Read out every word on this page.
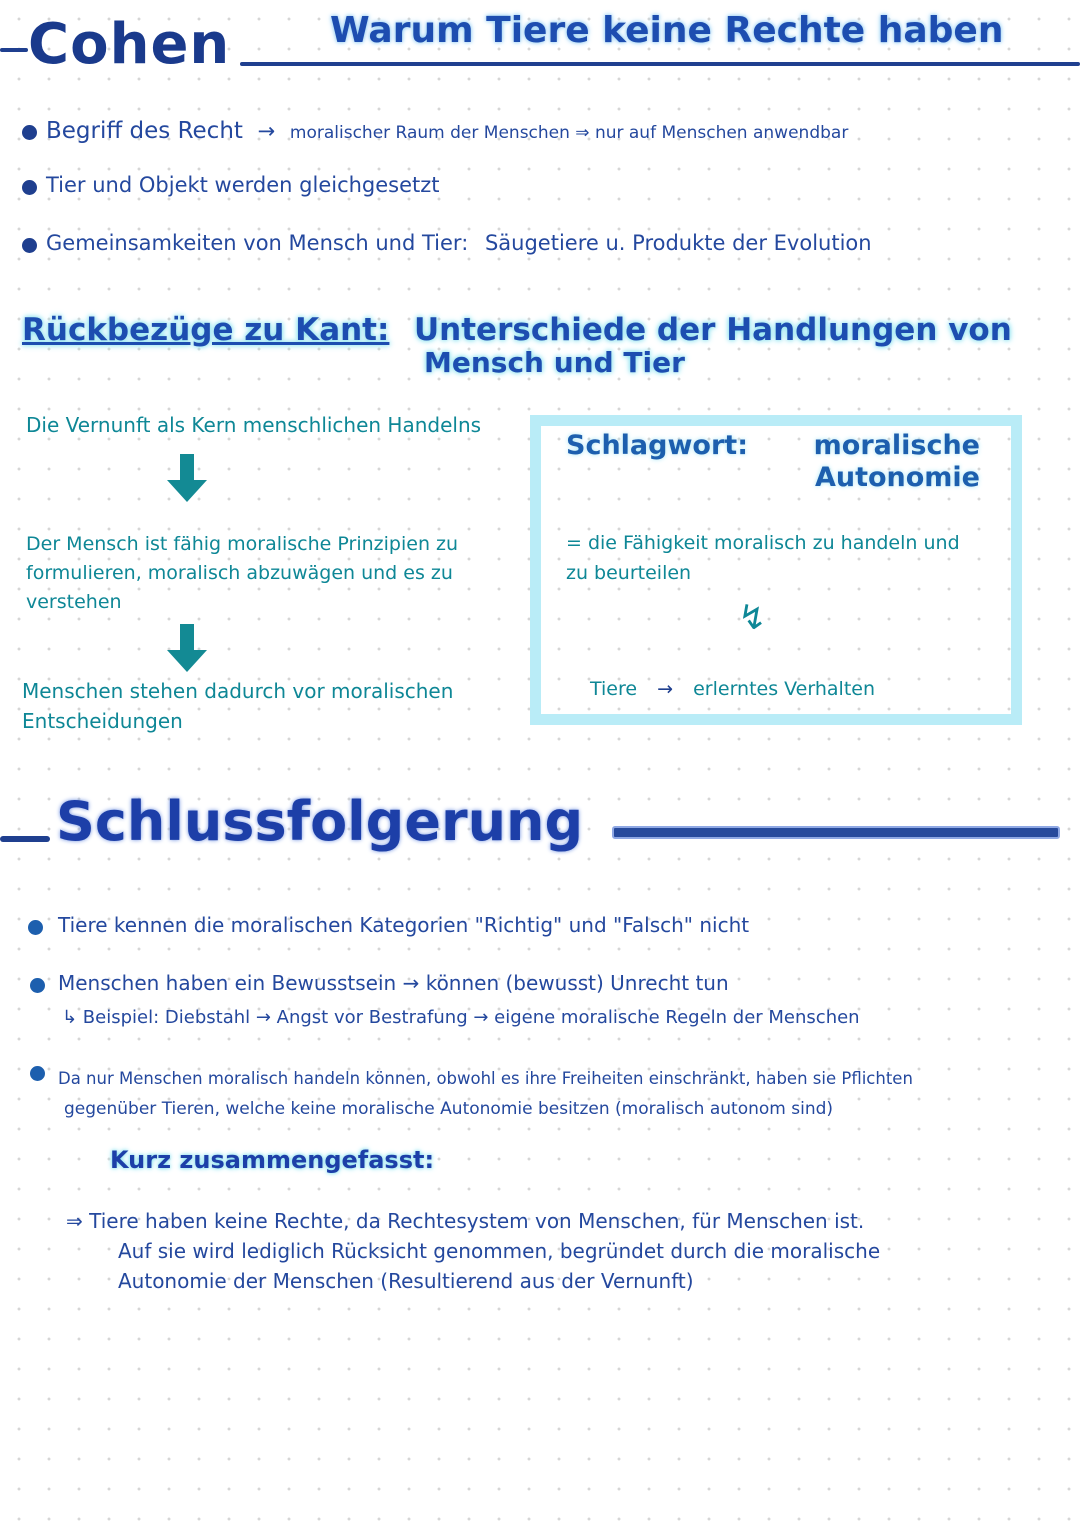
Cohen	Warum Tiere keine Rechte haben
Begriff des Recht → moralischer Raum der Menschen ⇒ nur auf Menschen anwendbar
Tier und Objekt werden gleichgesetzt
Gemeinsamkeiten von Mensch und Tier: Säugetiere u. Produkte der Evolution
Rückbezüge zu Kant: Unterschiede der Handlungen von
Mensch und Tier
Die Vernunft als Kern menschlichen Handelns
Der Mensch ist fähig moralische Prinzipien zu formulieren, moralisch abzuwägen und es zu verstehen
Menschen stehen dadurch vor moralischen Entscheidungen
Schlagwort:	moralische Autonomie
= die Fähigkeit moralisch zu handeln und zu beurteilen
↯
Tiere → erlerntes Verhalten
Schlussfolgerung
Tiere kennen die moralischen Kategorien "Richtig" und "Falsch" nicht
Menschen haben ein Bewusstsein → können (bewusst) Unrecht tun
↳ Beispiel: Diebstahl → Angst vor Bestrafung → eigene moralische Regeln der Menschen
Da nur Menschen moralisch handeln können, obwohl es ihre Freiheiten einschränkt, haben sie Pflichten
gegenüber Tieren, welche keine moralische Autonomie besitzen (moralisch autonom sind)
Kurz zusammengefasst:
⇒ Tiere haben keine Rechte, da Rechtesystem von Menschen, für Menschen ist.
Auf sie wird lediglich Rücksicht genommen, begründet durch die moralische
Autonomie der Menschen (Resultierend aus der Vernunft)
